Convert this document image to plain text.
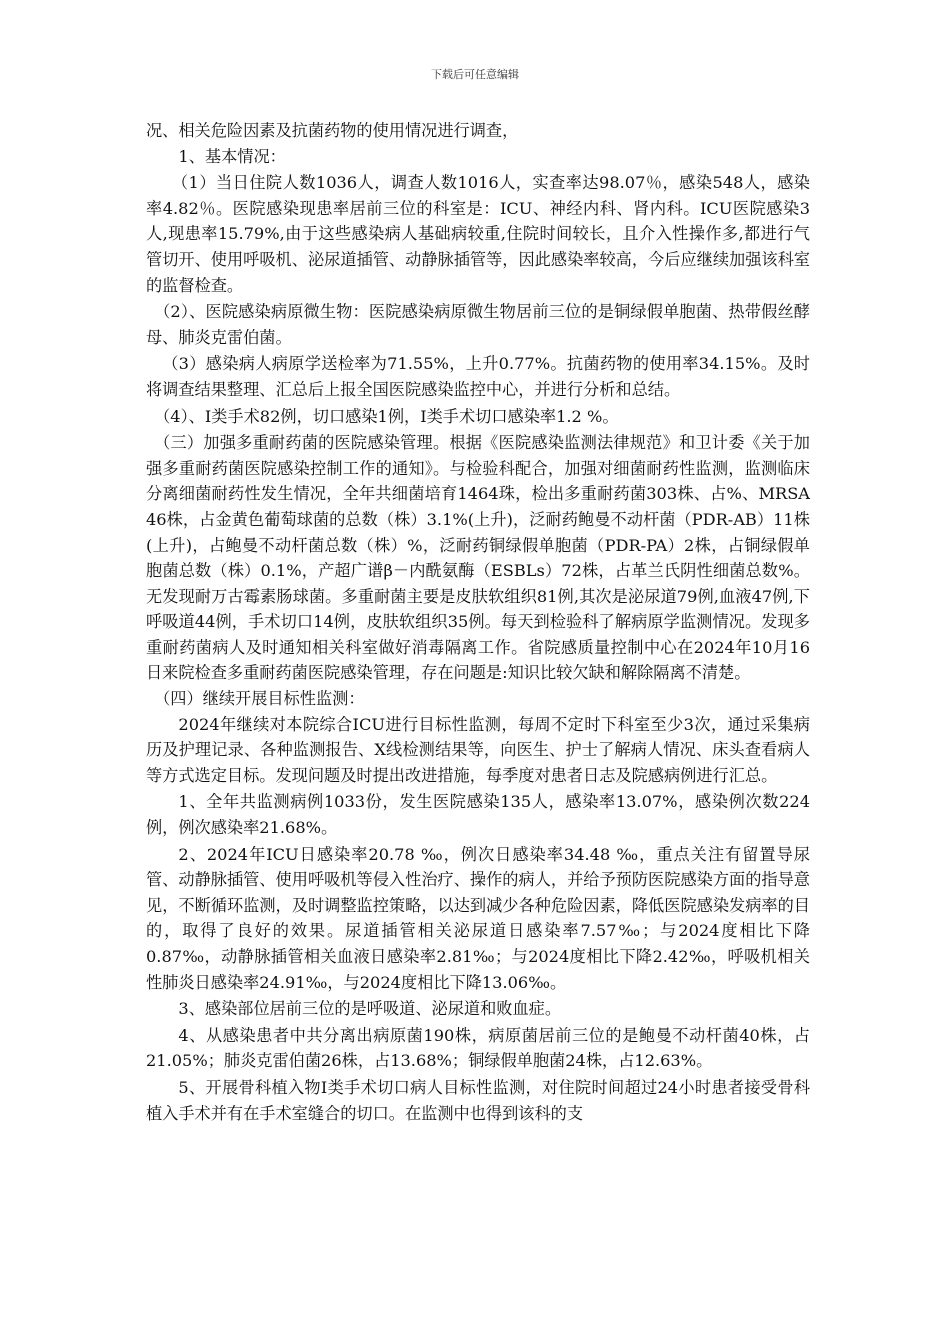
下载后可任意编辑

况、相关危险因素及抗菌药物的使用情况进行调查，

1、基本情况：

（1）当日住院人数1036人，调查人数1016人，实查率达98.07％，感染548人，感染率4.82％。医院感染现患率居前三位的科室是：ICU、神经内科、肾内科。ICU医院感染3人,现患率15.79%,由于这些感染病人基础病较重,住院时间较长，且介入性操作多,都进行气管切开、使用呼吸机、泌尿道插管、动静脉插管等，因此感染率较高，今后应继续加强该科室的监督检查。

（2）、医院感染病原微生物：医院感染病原微生物居前三位的是铜绿假单胞菌、热带假丝酵母、肺炎克雷伯菌。

（3）感染病人病原学送检率为71.55%，上升0.77%。抗菌药物的使用率34.15%。及时将调查结果整理、汇总后上报全国医院感染监控中心，并进行分析和总结。

（4）、Ⅰ类手术82例，切口感染1例，Ⅰ类手术切口感染率1.2 %。

（三）加强多重耐药菌的医院感染管理。根据《医院感染监测法律规范》和卫计委《关于加强多重耐药菌医院感染控制工作的通知》。与检验科配合，加强对细菌耐药性监测，监测临床分离细菌耐药性发生情况，全年共细菌培育1464珠，检出多重耐药菌303株、占%、MRSA 46株，占金黄色葡萄球菌的总数（株）3.1%(上升)，泛耐药鲍曼不动杆菌（PDR-AB）11株(上升)，占鲍曼不动杆菌总数（株）%，泛耐药铜绿假单胞菌（PDR-PA）2株，占铜绿假单胞菌总数（株）0.1%，产超广谱β－内酰氨酶（ESBLs）72株，占革兰氏阴性细菌总数%。无发现耐万古霉素肠球菌。多重耐菌主要是皮肤软组织81例,其次是泌尿道79例,血液47例,下呼吸道44例，手术切口14例，皮肤软组织35例。每天到检验科了解病原学监测情况。发现多重耐药菌病人及时通知相关科室做好消毒隔离工作。省院感质量控制中心在2024年10月16日来院检查多重耐药菌医院感染管理，存在问题是:知识比较欠缺和解除隔离不清楚。

（四）继续开展目标性监测：

2024年继续对本院综合ICU进行目标性监测，每周不定时下科室至少3次，通过采集病历及护理记录、各种监测报告、X线检测结果等，向医生、护士了解病人情况、床头查看病人等方式选定目标。发现问题及时提出改进措施，每季度对患者日志及院感病例进行汇总。

1、全年共监测病例1033份，发生医院感染135人，感染率13.07%，感染例次数224例，例次感染率21.68%。

2、2024年ICU日感染率20.78 ‰，例次日感染率34.48 ‰，重点关注有留置导尿管、动静脉插管、使用呼吸机等侵入性治疗、操作的病人，并给予预防医院感染方面的指导意见，不断循环监测，及时调整监控策略，以达到减少各种危险因素，降低医院感染发病率的目的，取得了良好的效果。尿道插管相关泌尿道日感染率7.57‰；与2024度相比下降0.87‰，动静脉插管相关血液日感染率2.81‰；与2024度相比下降2.42‰，呼吸机相关性肺炎日感染率24.91‰，与2024度相比下降13.06‰。

3、感染部位居前三位的是呼吸道、泌尿道和败血症。

4、从感染患者中共分离出病原菌190株，病原菌居前三位的是鲍曼不动杆菌40株，占21.05%；肺炎克雷伯菌26株，占13.68%；铜绿假单胞菌24株，占12.63%。

5、开展骨科植入物Ⅰ类手术切口病人目标性监测，对住院时间超过24小时患者接受骨科植入手术并有在手术室缝合的切口。在监测中也得到该科的支
